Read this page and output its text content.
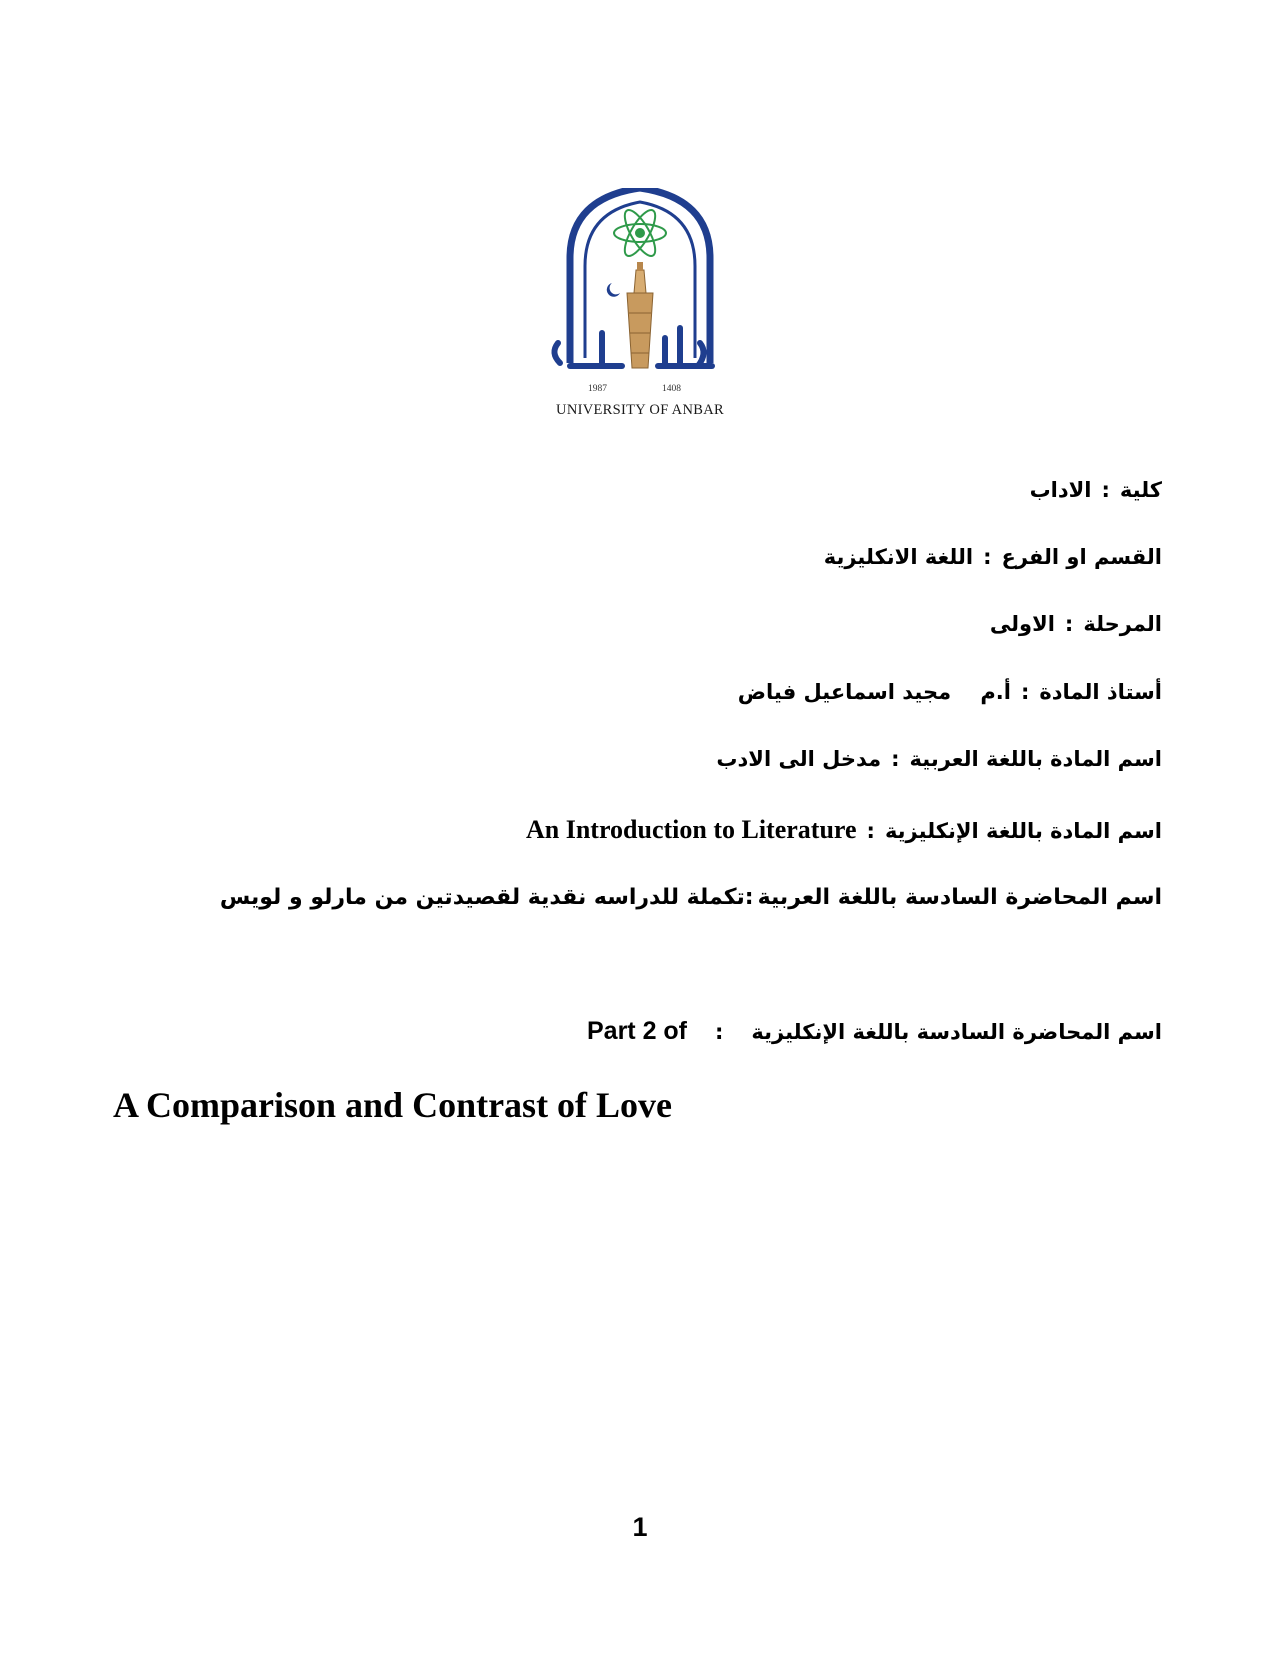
1987	1408
UNIVERSITY OF ANBAR
كلية:الاداب
القسم او الفرع:اللغة الانكليزية
المرحلة:الاولى
أستاذ المادة:أ.م    مجيد اسماعيل فياض
اسم المادة باللغة العربية:مدخل الى الادب
اسم المادة باللغة الإنكليزية:An Introduction to Literature
اسم المحاضرة السادسة باللغة العربية:تكملة للدراسه نقدية لقصيدتين من مارلو و لويس
اسم المحاضرة السادسة باللغة الإنكليزية:Part 2 of
A Comparison and Contrast of Love
1
